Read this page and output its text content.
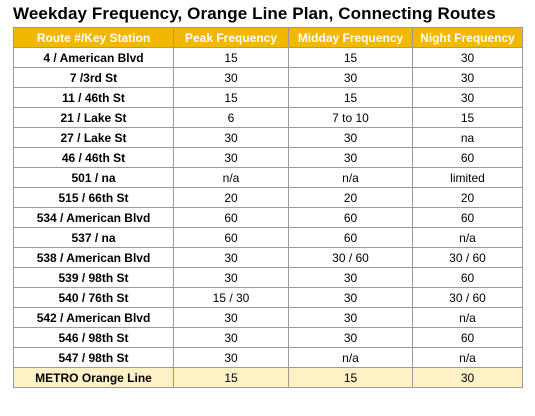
Weekday Frequency, Orange Line Plan, Connecting Routes
Route #/Key Station	Peak Frequency	Midday Frequency	Night Frequency
4 / American Blvd	15	15	30
7 /3rd St	30	30	30
11 / 46th St	15	15	30
21 / Lake St	6	7 to 10	15
27 / Lake St	30	30	na
46 / 46th St	30	30	60
501 / na	n/a	n/a	limited
515 / 66th St	20	20	20
534 / American Blvd	60	60	60
537 / na	60	60	n/a
538 / American Blvd	30	30 / 60	30 / 60
539 / 98th St	30	30	60
540 / 76th St	15 / 30	30	30 / 60
542 / American Blvd	30	30	n/a
546 / 98th St	30	30	60
547 / 98th St	30	n/a	n/a
METRO Orange Line	15	15	30
